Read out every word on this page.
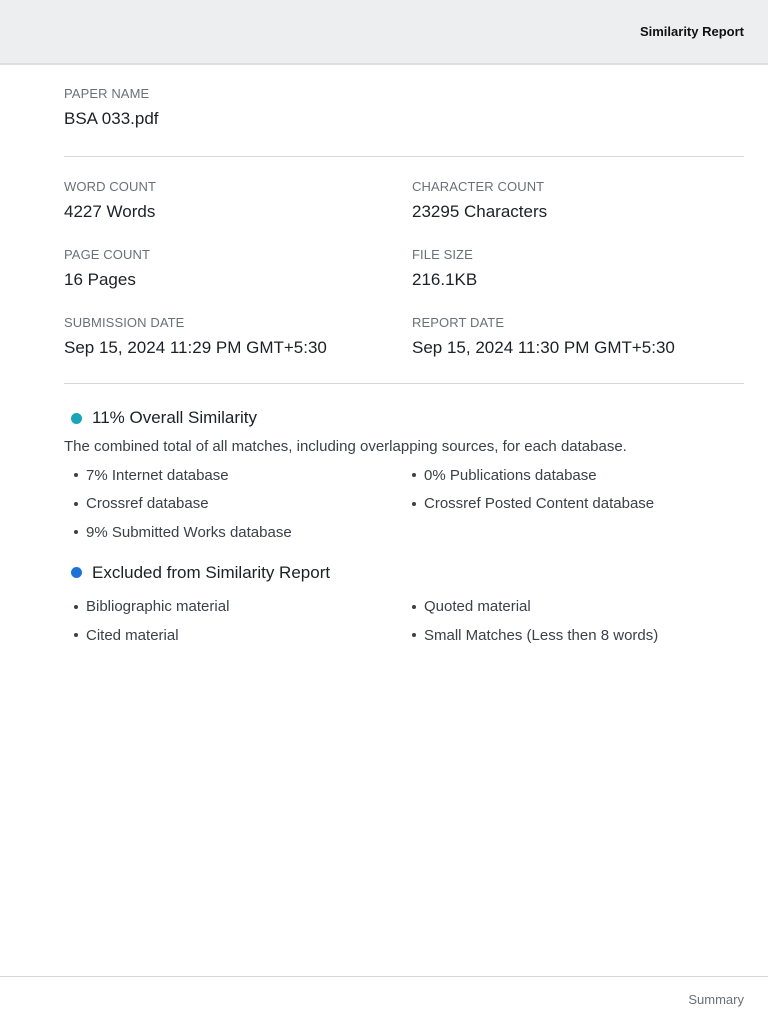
Similarity Report
PAPER NAME
BSA 033.pdf
WORD COUNT
4227 Words
CHARACTER COUNT
23295 Characters
PAGE COUNT
16 Pages
FILE SIZE
216.1KB
SUBMISSION DATE
Sep 15, 2024 11:29 PM GMT+5:30
REPORT DATE
Sep 15, 2024 11:30 PM GMT+5:30
11% Overall Similarity
The combined total of all matches, including overlapping sources, for each database.
7% Internet database	0% Publications database
Crossref database	Crossref Posted Content database
9% Submitted Works database
Excluded from Similarity Report
Bibliographic material	Quoted material
Cited material	Small Matches (Less then 8 words)
Summary
